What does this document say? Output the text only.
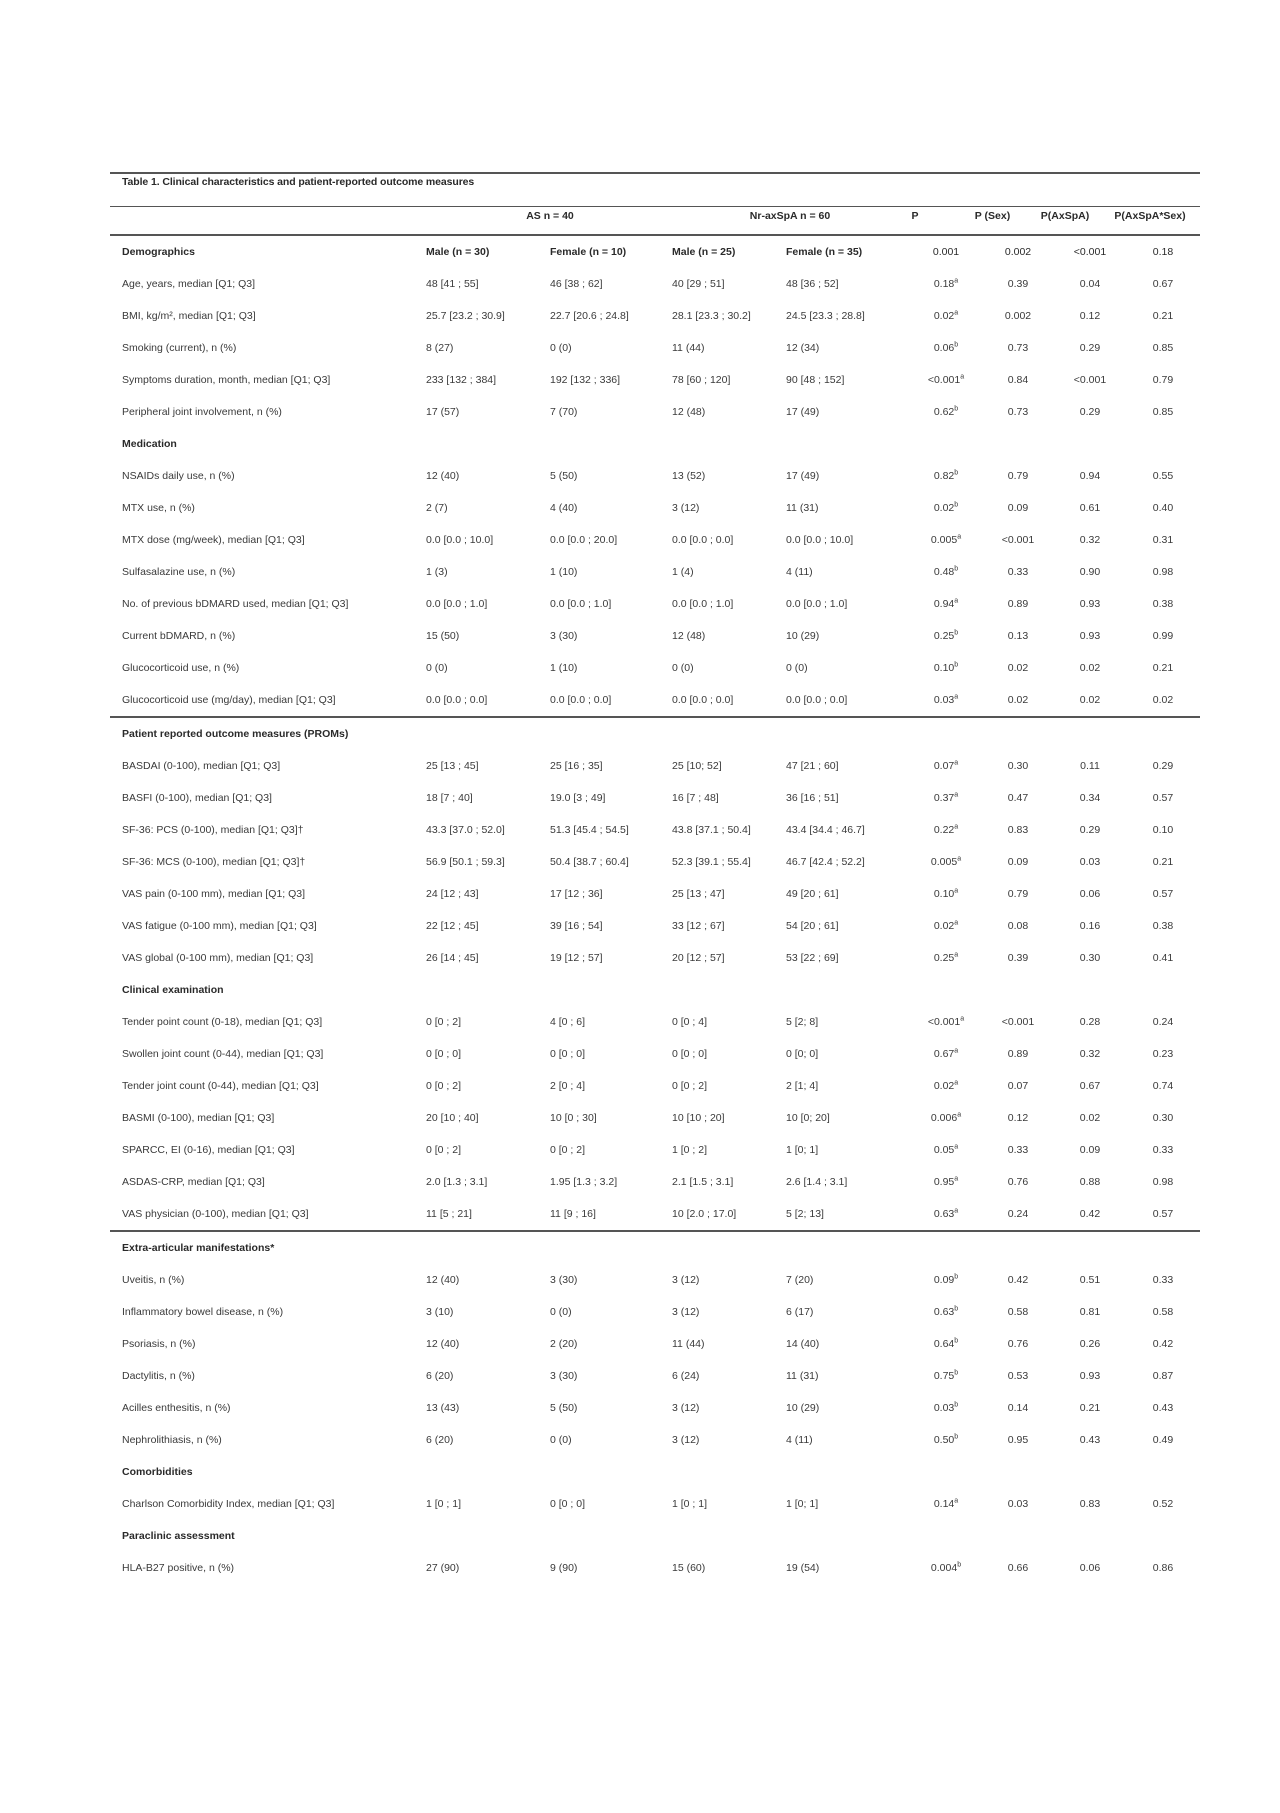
Table 1. Clinical characteristics and patient-reported outcome measures
AS n = 40	Nr-axSpA n = 60	P	P (Sex)	P(AxSpA)	P(AxSpA*Sex)
Demographics	Male (n = 30)	Female (n = 10)	Male (n = 25)	Female (n = 35)	0.001	0.002	<0.001	0.18
Age, years, median [Q1; Q3]	48 [41 ; 55]	46 [38 ; 62]	40 [29 ; 51]	48 [36 ; 52]	0.18$^a$	0.39	0.04	0.67
BMI, kg/m², median [Q1; Q3]	25.7 [23.2 ; 30.9]	22.7 [20.6 ; 24.8]	28.1 [23.3 ; 30.2]	24.5 [23.3 ; 28.8]	0.02$^a$	0.002	0.12	0.21
Smoking (current), n (%)	8 (27)	0 (0)	11 (44)	12 (34)	0.06$^b$	0.73	0.29	0.85
Symptoms duration, month, median [Q1; Q3]	233 [132 ; 384]	192 [132 ; 336]	78 [60 ; 120]	90 [48 ; 152]	<0.001$^a$	0.84	<0.001	0.79
Peripheral joint involvement, n (%)	17 (57)	7 (70)	12 (48)	17 (49)	0.62$^b$	0.73	0.29	0.85
Medication								
NSAIDs daily use, n (%)	12 (40)	5 (50)	13 (52)	17 (49)	0.82$^b$	0.79	0.94	0.55
MTX use, n (%)	2 (7)	4 (40)	3 (12)	11 (31)	0.02$^b$	0.09	0.61	0.40
MTX dose (mg/week), median [Q1; Q3]	0.0 [0.0 ; 10.0]	0.0 [0.0 ; 20.0]	0.0 [0.0 ; 0.0]	0.0 [0.0 ; 10.0]	0.005$^a$	<0.001	0.32	0.31
Sulfasalazine use, n (%)	1 (3)	1 (10)	1 (4)	4 (11)	0.48$^b$	0.33	0.90	0.98
No. of previous bDMARD used, median [Q1; Q3]	0.0 [0.0 ; 1.0]	0.0 [0.0 ; 1.0]	0.0 [0.0 ; 1.0]	0.0 [0.0 ; 1.0]	0.94$^a$	0.89	0.93	0.38
Current bDMARD, n (%)	15 (50)	3 (30)	12 (48)	10 (29)	0.25$^b$	0.13	0.93	0.99
Glucocorticoid use, n (%)	0 (0)	1 (10)	0 (0)	0 (0)	0.10$^b$	0.02	0.02	0.21
Glucocorticoid use (mg/day), median [Q1; Q3]	0.0 [0.0 ; 0.0]	0.0 [0.0 ; 0.0]	0.0 [0.0 ; 0.0]	0.0 [0.0 ; 0.0]	0.03$^a$	0.02	0.02	0.02
Patient reported outcome measures (PROMs)								
BASDAI (0-100), median [Q1; Q3]	25 [13 ; 45]	25 [16 ; 35]	25 [10; 52]	47 [21 ; 60]	0.07$^a$	0.30	0.11	0.29
BASFI (0-100), median [Q1; Q3]	18 [7 ; 40]	19.0 [3 ; 49]	16 [7 ; 48]	36 [16 ; 51]	0.37$^a$	0.47	0.34	0.57
SF-36: PCS (0-100), median [Q1; Q3]†	43.3 [37.0 ; 52.0]	51.3 [45.4 ; 54.5]	43.8 [37.1 ; 50.4]	43.4 [34.4 ; 46.7]	0.22$^a$	0.83	0.29	0.10
SF-36: MCS (0-100), median [Q1; Q3]†	56.9 [50.1 ; 59.3]	50.4 [38.7 ; 60.4]	52.3 [39.1 ; 55.4]	46.7 [42.4 ; 52.2]	0.005$^a$	0.09	0.03	0.21
VAS pain (0-100 mm), median [Q1; Q3]	24 [12 ; 43]	17 [12 ; 36]	25 [13 ; 47]	49 [20 ; 61]	0.10$^a$	0.79	0.06	0.57
VAS fatigue (0-100 mm), median [Q1; Q3]	22 [12 ; 45]	39 [16 ; 54]	33 [12 ; 67]	54 [20 ; 61]	0.02$^a$	0.08	0.16	0.38
VAS global (0-100 mm), median [Q1; Q3]	26 [14 ; 45]	19 [12 ; 57]	20 [12 ; 57]	53 [22 ; 69]	0.25$^a$	0.39	0.30	0.41
Clinical examination								
Tender point count (0-18), median [Q1; Q3]	0 [0 ; 2]	4 [0 ; 6]	0 [0 ; 4]	5 [2; 8]	<0.001$^a$	<0.001	0.28	0.24
Swollen joint count (0-44), median [Q1; Q3]	0 [0 ; 0]	0 [0 ; 0]	0 [0 ; 0]	0 [0; 0]	0.67$^a$	0.89	0.32	0.23
Tender joint count (0-44), median [Q1; Q3]	0 [0 ; 2]	2 [0 ; 4]	0 [0 ; 2]	2 [1; 4]	0.02$^a$	0.07	0.67	0.74
BASMI (0-100), median [Q1; Q3]	20 [10 ; 40]	10 [0 ; 30]	10 [10 ; 20]	10 [0; 20]	0.006$^a$	0.12	0.02	0.30
SPARCC, EI (0-16), median [Q1; Q3]	0 [0 ; 2]	0 [0 ; 2]	1 [0 ; 2]	1 [0; 1]	0.05$^a$	0.33	0.09	0.33
ASDAS-CRP, median [Q1; Q3]	2.0 [1.3 ; 3.1]	1.95 [1.3 ; 3.2]	2.1 [1.5 ; 3.1]	2.6 [1.4 ; 3.1]	0.95$^a$	0.76	0.88	0.98
VAS physician (0-100), median [Q1; Q3]	11 [5 ; 21]	11 [9 ; 16]	10 [2.0 ; 17.0]	5 [2; 13]	0.63$^a$	0.24	0.42	0.57
Extra-articular manifestations*								
Uveitis, n (%)	12 (40)	3 (30)	3 (12)	7 (20)	0.09$^b$	0.42	0.51	0.33
Inflammatory bowel disease, n (%)	3 (10)	0 (0)	3 (12)	6 (17)	0.63$^b$	0.58	0.81	0.58
Psoriasis, n (%)	12 (40)	2 (20)	11 (44)	14 (40)	0.64$^b$	0.76	0.26	0.42
Dactylitis, n (%)	6 (20)	3 (30)	6 (24)	11 (31)	0.75$^b$	0.53	0.93	0.87
Acilles enthesitis, n (%)	13 (43)	5 (50)	3 (12)	10 (29)	0.03$^b$	0.14	0.21	0.43
Nephrolithiasis, n (%)	6 (20)	0 (0)	3 (12)	4 (11)	0.50$^b$	0.95	0.43	0.49
Comorbidities								
Charlson Comorbidity Index, median [Q1; Q3]	1 [0 ; 1]	0 [0 ; 0]	1 [0 ; 1]	1 [0; 1]	0.14$^a$	0.03	0.83	0.52
Paraclinic assessment								
HLA-B27 positive, n (%)	27 (90)	9 (90)	15 (60)	19 (54)	0.004$^b$	0.66	0.06	0.86
